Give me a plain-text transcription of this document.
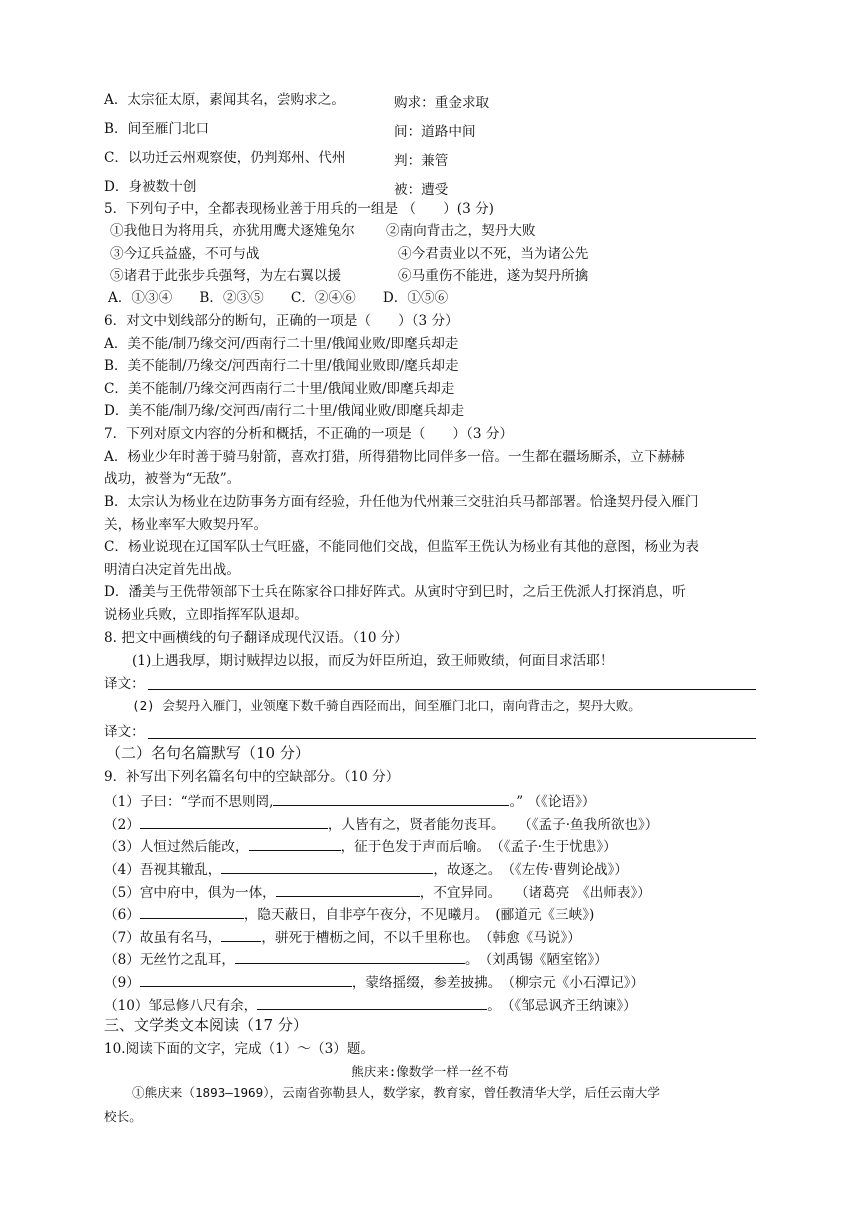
A．太宗征太原，素闻其名，尝购求之。	购求：重金求取
B．间至雁门北口	间：道路中间
C．以功迁云州观察使，仍判郑州、代州	判：兼管
D．身被数十创	被：遭受
5．下列句子中，全都表现杨业善于用兵的一组是 （　　）(3 分)
①我他日为将用兵，亦犹用鹰犬逐雉兔尔 ②南向背击之，契丹大败
③今辽兵益盛，不可与战	④今君责业以不死，当为诸公先
⑤诸君于此张步兵强弩，为左右翼以援	⑥马重伤不能进，遂为契丹所擒
A．①③④　　B．②③⑤　　C．②④⑥　　D．①⑤⑥
6．对文中划线部分的断句，正确的一项是（　　）（3 分）
A．美不能/制乃缘交河/西南行二十里/俄闻业败/即麾兵却走
B．美不能制/乃缘交/河西南行二十里/俄闻业败即/麾兵却走
C．美不能制/乃缘交河西南行二十里/俄闻业败/即麾兵却走
D．美不能/制乃缘/交河西/南行二十里/俄闻业败/即麾兵却走
7．下列对原文内容的分析和概括，不正确的一项是（　　）（3 分）
A．杨业少年时善于骑马射箭，喜欢打猎，所得猎物比同伴多一倍。一生都在疆场厮杀，立下赫赫
战功，被誉为“无敌”。
B．太宗认为杨业在边防事务方面有经验，升任他为代州兼三交驻泊兵马都部署。恰逢契丹侵入雁门
关，杨业率军大败契丹军。
C．杨业说现在辽国军队士气旺盛，不能同他们交战，但监军王侁认为杨业有其他的意图，杨业为表
明清白决定首先出战。
D．潘美与王侁带领部下士兵在陈家谷口排好阵式。从寅时守到巳时，之后王侁派人打探消息，听
说杨业兵败，立即指挥军队退却。
8. 把文中画横线的句子翻译成现代汉语。（10 分）
(1)上遇我厚，期讨贼捍边以报，而反为奸臣所迫，致王师败绩，何面目求活耶！
译文：
(2) 会契丹入雁门，业领麾下数千骑自西陉而出，间至雁门北口，南向背击之，契丹大败。
译文：
（二）名句名篇默写（10 分）
9．补写出下列名篇名句中的空缺部分。（10 分）
（1）子曰：“学而不思则罔,	。” （《论语》）
（2）	，人皆有之，贤者能勿丧耳。　　（《孟子·鱼我所欲也》）
（3）人恒过然后能改，	，征于色发于声而后喻。　（《孟子·生于忧患》）
（4）吾视其辙乱，	，故逐之。　（《左传·曹刿论战》）
（5）宫中府中，俱为一体，	，不宜异同。　　（诸葛亮　《出师表》）
（6）	，隐天蔽日，自非亭午夜分，不见曦月。　(郦道元《三峡》)
（7）故虽有名马，	，骈死于槽枥之间，不以千里称也。　（韩愈《马说》）
（8）无丝竹之乱耳，	。　（刘禹锡《陋室铭》）
（9）	，蒙络摇缀，参差披拂。　（柳宗元《小石潭记》）
（10）邹忌修八尺有余，	。　（《邹忌讽齐王纳谏》）
三、文学类文本阅读（17 分）
10.阅读下面的文字，完成（1）～（3）题。
熊庆来:像数学一样一丝不苟
①熊庆来（1893—1969），云南省弥勒县人，数学家，教育家，曾任教清华大学，后任云南大学
校长。
